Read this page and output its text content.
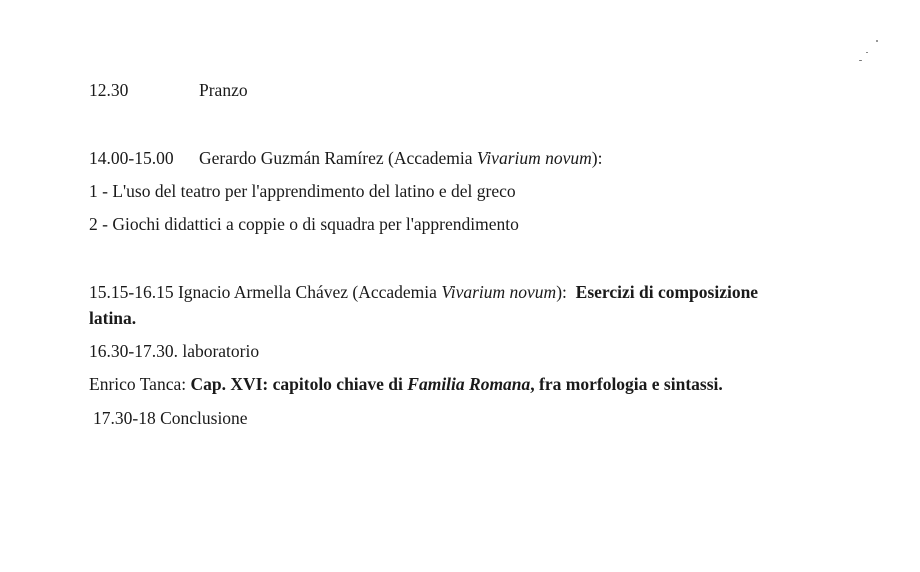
12.30	Pranzo
14.00-15.00 Gerardo Guzmán Ramírez (Accademia Vivarium novum):
1 - L'uso del teatro per l'apprendimento del latino e del greco
2 - Giochi didattici a coppie o di squadra per l'apprendimento
15.15-16.15 Ignacio Armella Chávez (Accademia Vivarium novum):  Esercizi di composizione
latina.
16.30-17.30. laboratorio
Enrico Tanca: Cap. XVI: capitolo chiave di Familia Romana, fra morfologia e sintassi.
17.30-18 Conclusione
